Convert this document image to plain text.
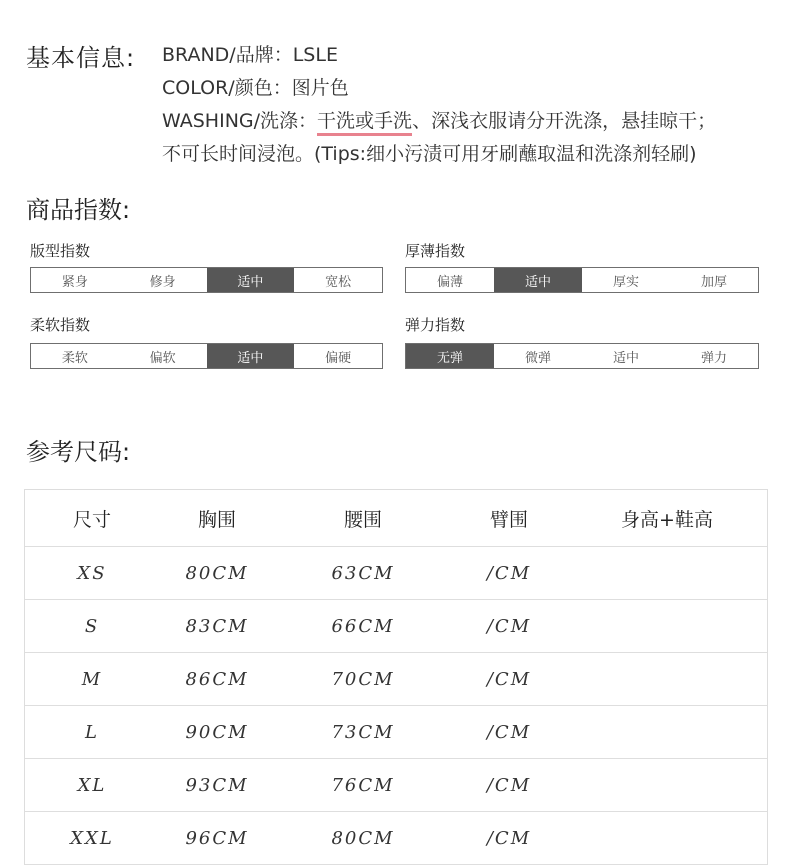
基本信息: BRAND/品牌：LSLE
COLOR/颜色：图片色
WASHING/洗涤：干洗或手洗、深浅衣服请分开洗涤，悬挂晾干；
不可长时间浸泡。(Tips:细小污渍可用牙刷蘸取温和洗涤剂轻刷)
商品指数:
版型指数
紧身	修身	适中	宽松
厚薄指数
偏薄	适中	厚实	加厚
柔软指数
柔软	偏软	适中	偏硬
弹力指数
无弹	微弹	适中	弹力
参考尺码:
尺寸	胸围	腰围	臂围	身高+鞋高
XS	80CM	63CM	/CM
S	83CM	66CM	/CM
M	86CM	70CM	/CM
L	90CM	73CM	/CM
XL	93CM	76CM	/CM
XXL	96CM	80CM	/CM
